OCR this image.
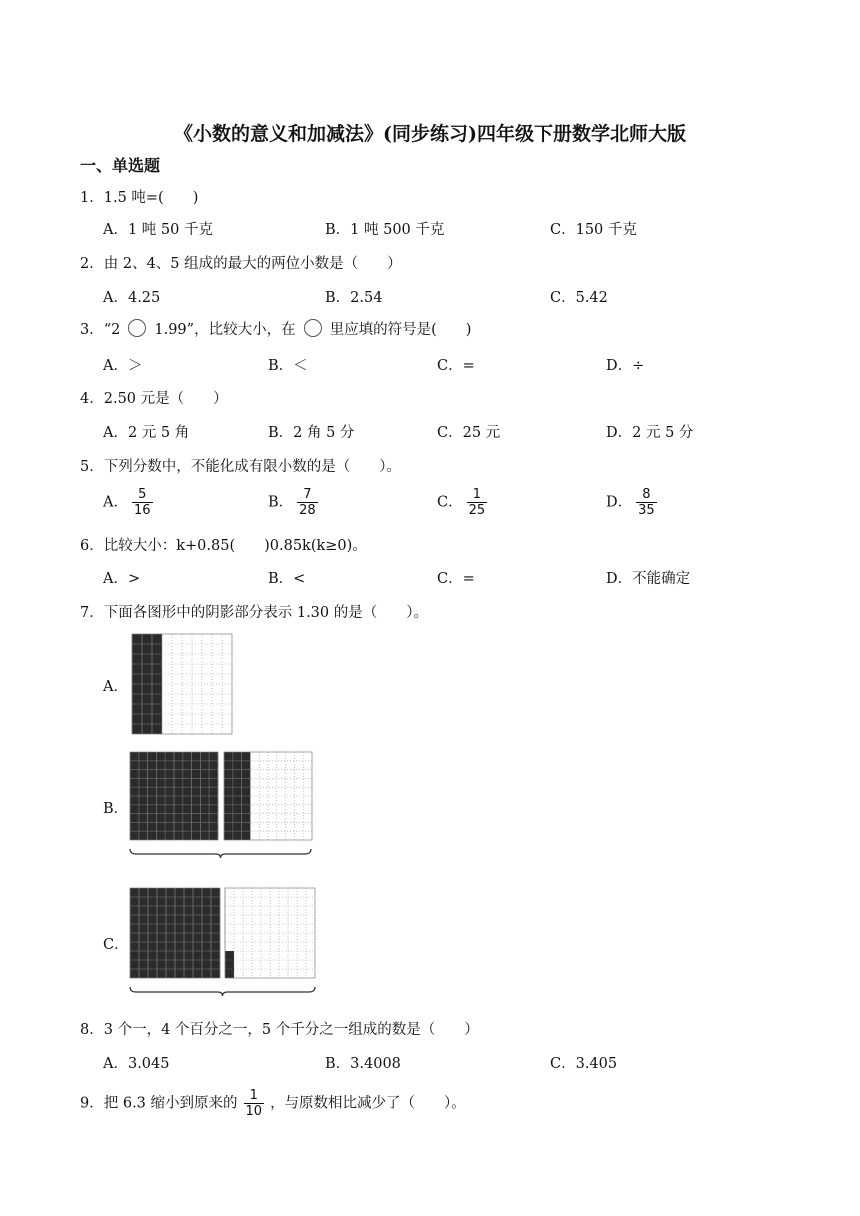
《小数的意义和加减法》(同步练习)四年级下册数学北师大版
一、单选题
1．1.5 吨=(　　)
A．1 吨 50 千克	B．1 吨 500 千克	C．150 千克
2．由 2、4、5 组成的最大的两位小数是（　　）
A．4.25	B．2.54	C．5.42
3．“2 1.99”，比较大小，在 里应填的符号是(　　)
A．＞	B．＜	C．=	D．÷
4．2.50 元是（　　）
A．2 元 5 角	B．2 角 5 分	C．25 元	D．2 元 5 分
5．下列分数中，不能化成有限小数的是（　　）。
A． $\frac{5}{16}$	B． $\frac{7}{28}$	C． $\frac{1}{25}$	D． $\frac{8}{35}$
6．比较大小：k+0.85(　　)0.85k(k≥0)。
A．>	B．<	C．=	D．不能确定
7．下面各图形中的阴影部分表示 1.30 的是（　　）。
A．
B．
C．
8．3 个一，4 个百分之一，5 个千分之一组成的数是（　　）
A．3.045	B．3.4008	C．3.405
9．把 6.3 缩小到原来的 $\frac{1}{10}$ ，与原数相比减少了（　　）。
